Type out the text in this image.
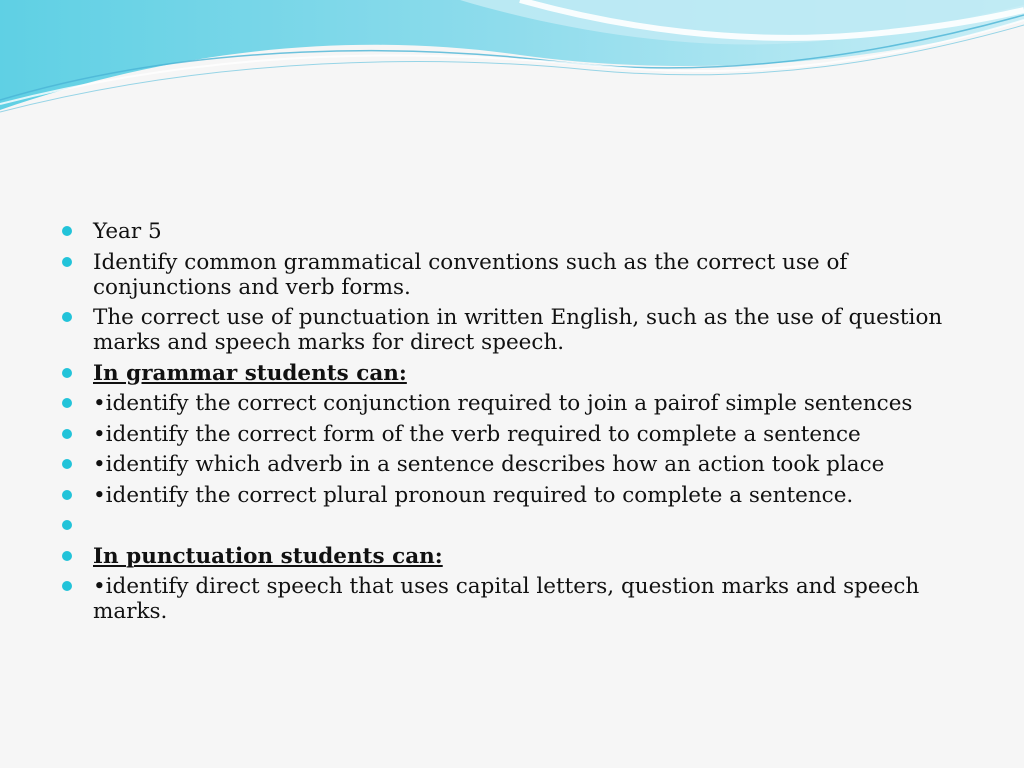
Year 5
Identify common grammatical conventions such as the correct use of conjunctions and verb forms.
The correct use of punctuation in written English, such as the use of question marks and speech marks for direct speech.
In grammar students can:
•identify the correct conjunction required to join a pairof simple sentences
•identify the correct form of the verb required to complete a sentence
•identify which adverb in a sentence describes how an action took place
•identify the correct plural pronoun required to complete a sentence.
In punctuation students can:
•identify direct speech that uses capital letters, question marks and speech marks.
